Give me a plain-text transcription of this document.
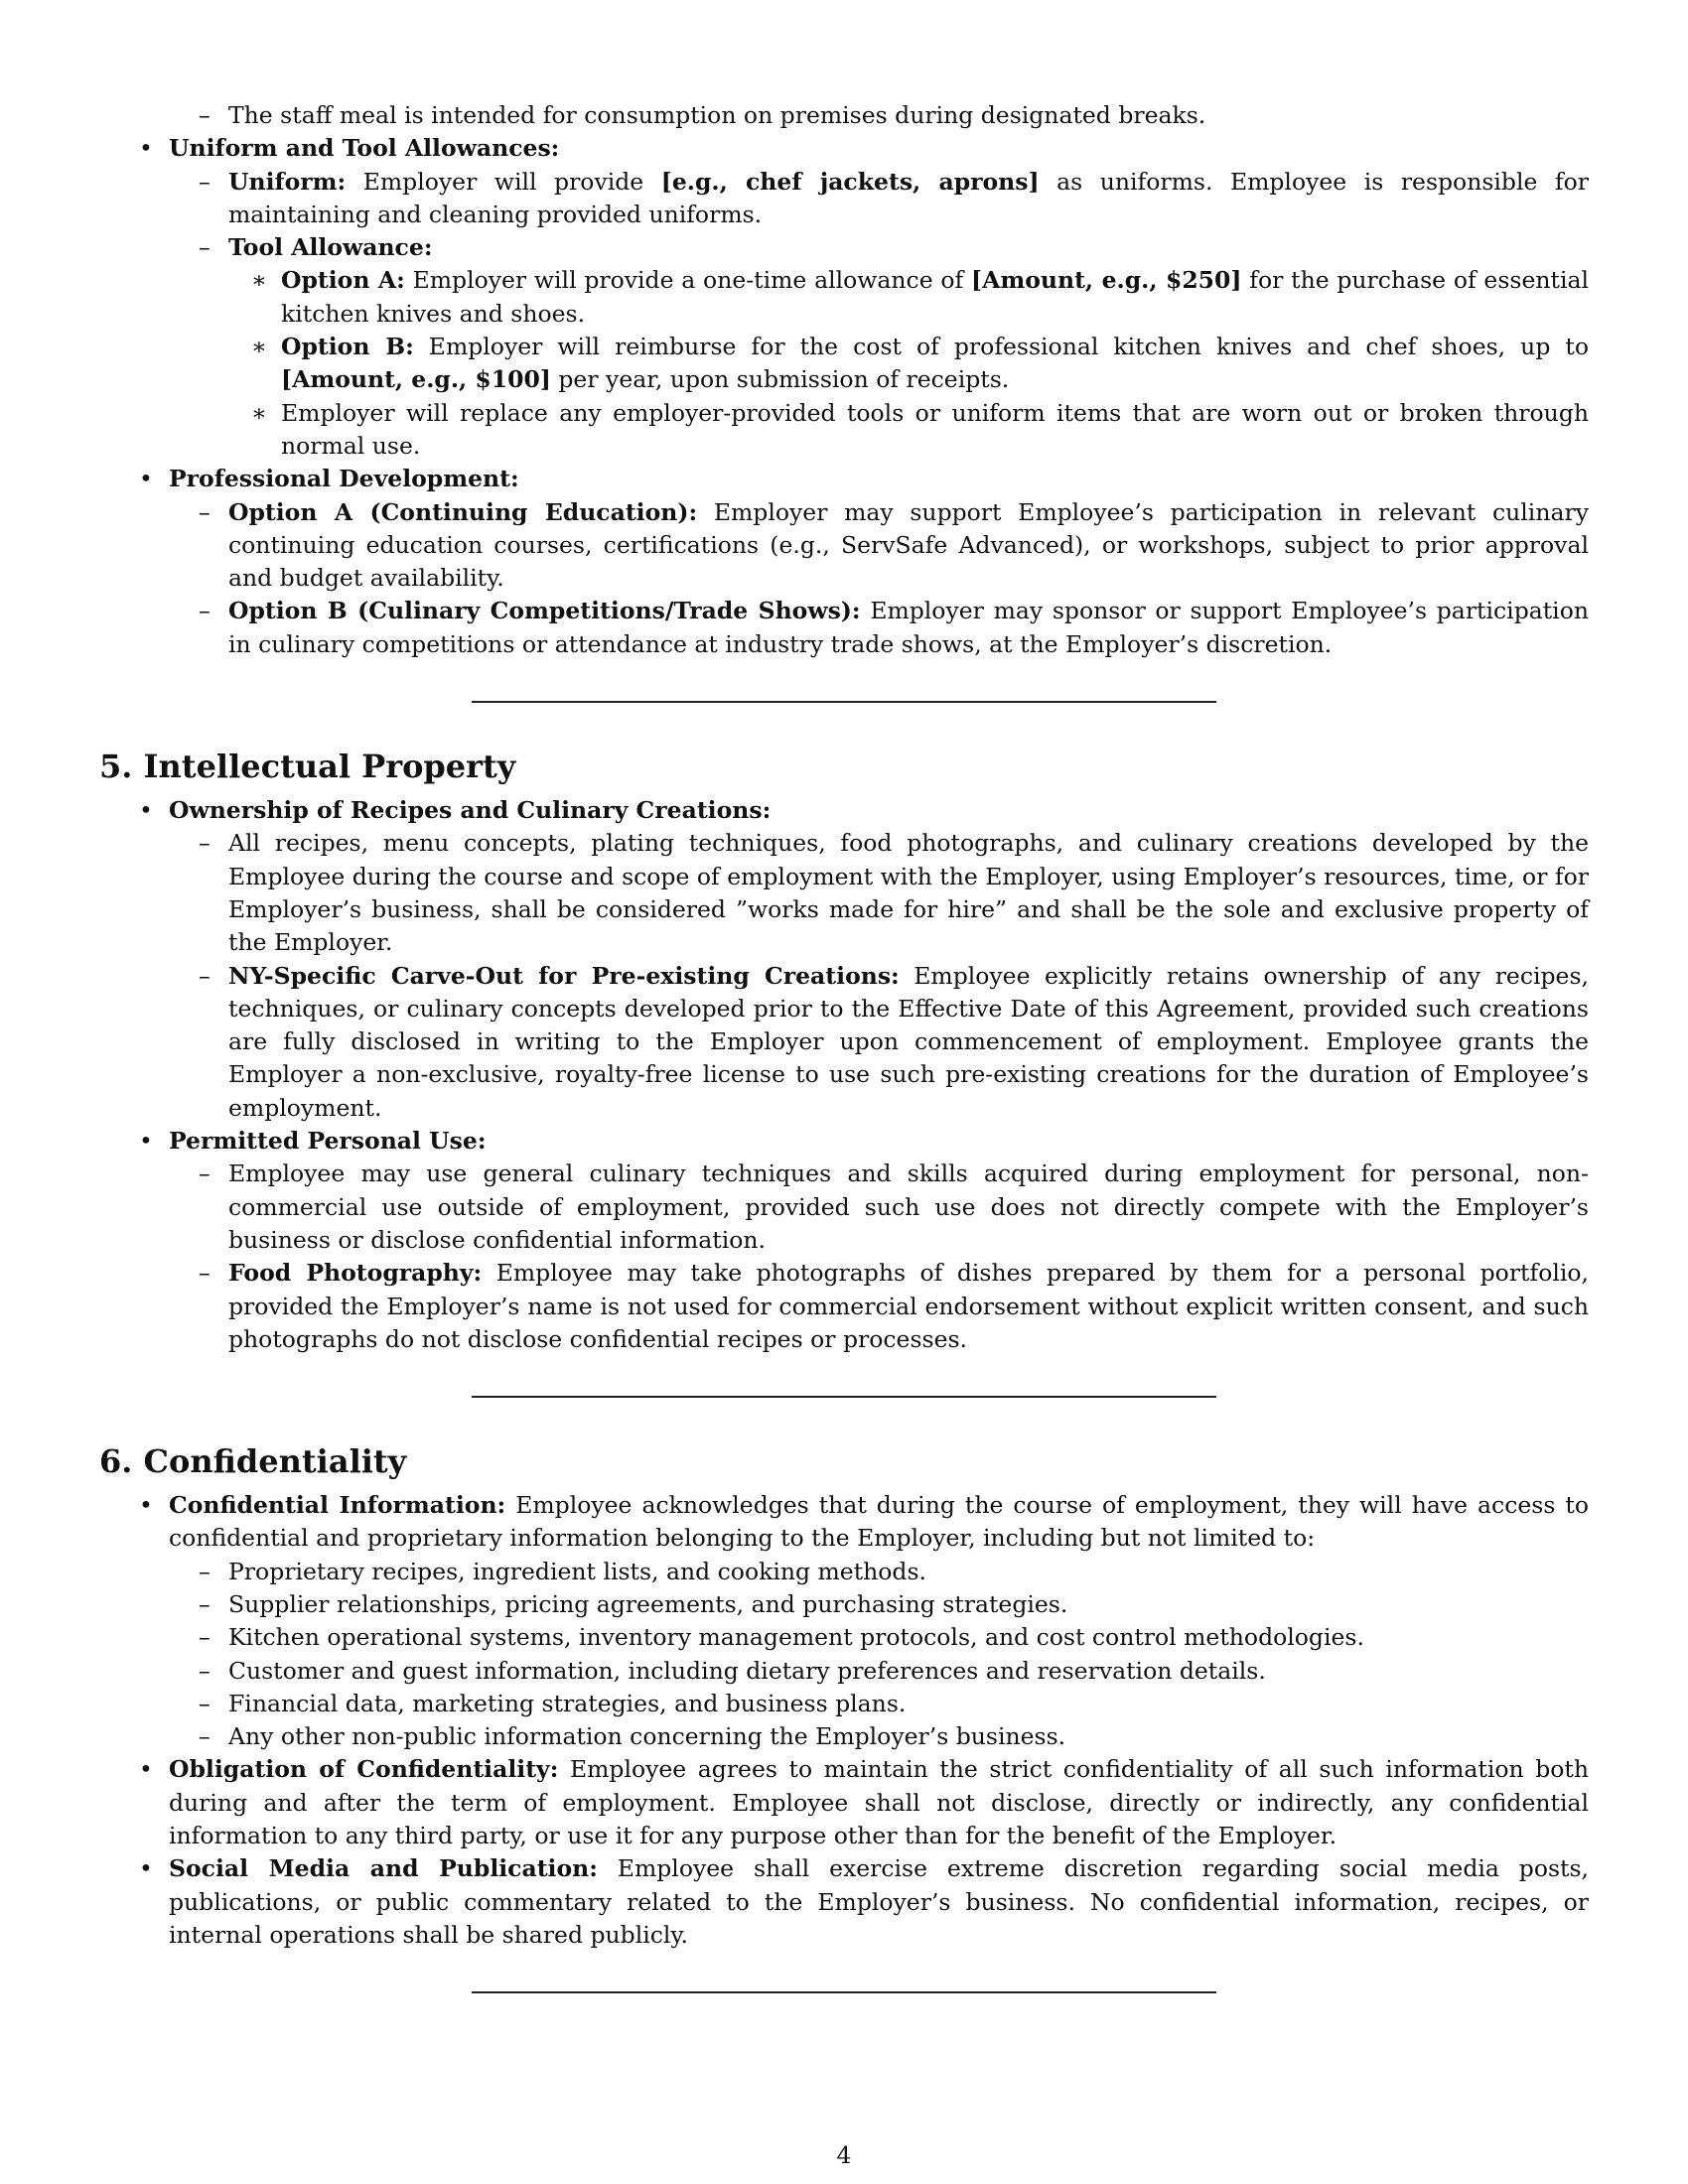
– The staff meal is intended for consumption on premises during designated breaks.
• Uniform and Tool Allowances:
– Uniform: Employer will provide [e.g., chef jackets, aprons] as uniforms. Employee is responsible for maintaining and cleaning provided uniforms.
– Tool Allowance:
∗ Option A: Employer will provide a one-time allowance of [Amount, e.g., $250] for the purchase of essential kitchen knives and shoes.
∗ Option B: Employer will reimburse for the cost of professional kitchen knives and chef shoes, up to [Amount, e.g., $100] per year, upon submission of receipts.
∗ Employer will replace any employer-provided tools or uniform items that are worn out or broken through normal use.
• Professional Development:
– Option A (Continuing Education): Employer may support Employee’s participation in relevant culinary continuing education courses, certifications (e.g., ServSafe Advanced), or workshops, subject to prior approval and budget availability.
– Option B (Culinary Competitions/Trade Shows): Employer may sponsor or support Employee’s participation in culinary competitions or attendance at industry trade shows, at the Employer’s discretion.
5. Intellectual Property
• Ownership of Recipes and Culinary Creations:
– All recipes, menu concepts, plating techniques, food photographs, and culinary creations developed by the Employee during the course and scope of employment with the Employer, using Employer’s resources, time, or for Employer’s business, shall be considered ”works made for hire” and shall be the sole and exclusive property of the Employer.
– NY-Specific Carve-Out for Pre-existing Creations: Employee explicitly retains ownership of any recipes, techniques, or culinary concepts developed prior to the Effective Date of this Agreement, provided such creations are fully disclosed in writing to the Employer upon commencement of employment. Employee grants the Employer a non-exclusive, royalty-free license to use such pre-existing creations for the duration of Employee’s employment.
• Permitted Personal Use:
– Employee may use general culinary techniques and skills acquired during employment for personal, non-commercial use outside of employment, provided such use does not directly compete with the Employer’s business or disclose confidential information.
– Food Photography: Employee may take photographs of dishes prepared by them for a personal portfolio, provided the Employer’s name is not used for commercial endorsement without explicit written consent, and such photographs do not disclose confidential recipes or processes.
6. Confidentiality
• Confidential Information: Employee acknowledges that during the course of employment, they will have access to confidential and proprietary information belonging to the Employer, including but not limited to:
– Proprietary recipes, ingredient lists, and cooking methods.
– Supplier relationships, pricing agreements, and purchasing strategies.
– Kitchen operational systems, inventory management protocols, and cost control methodologies.
– Customer and guest information, including dietary preferences and reservation details.
– Financial data, marketing strategies, and business plans.
– Any other non-public information concerning the Employer’s business.
• Obligation of Confidentiality: Employee agrees to maintain the strict confidentiality of all such information both during and after the term of employment. Employee shall not disclose, directly or indirectly, any confidential information to any third party, or use it for any purpose other than for the benefit of the Employer.
• Social Media and Publication: Employee shall exercise extreme discretion regarding social media posts, publications, or public commentary related to the Employer’s business. No confidential information, recipes, or internal operations shall be shared publicly.
4
